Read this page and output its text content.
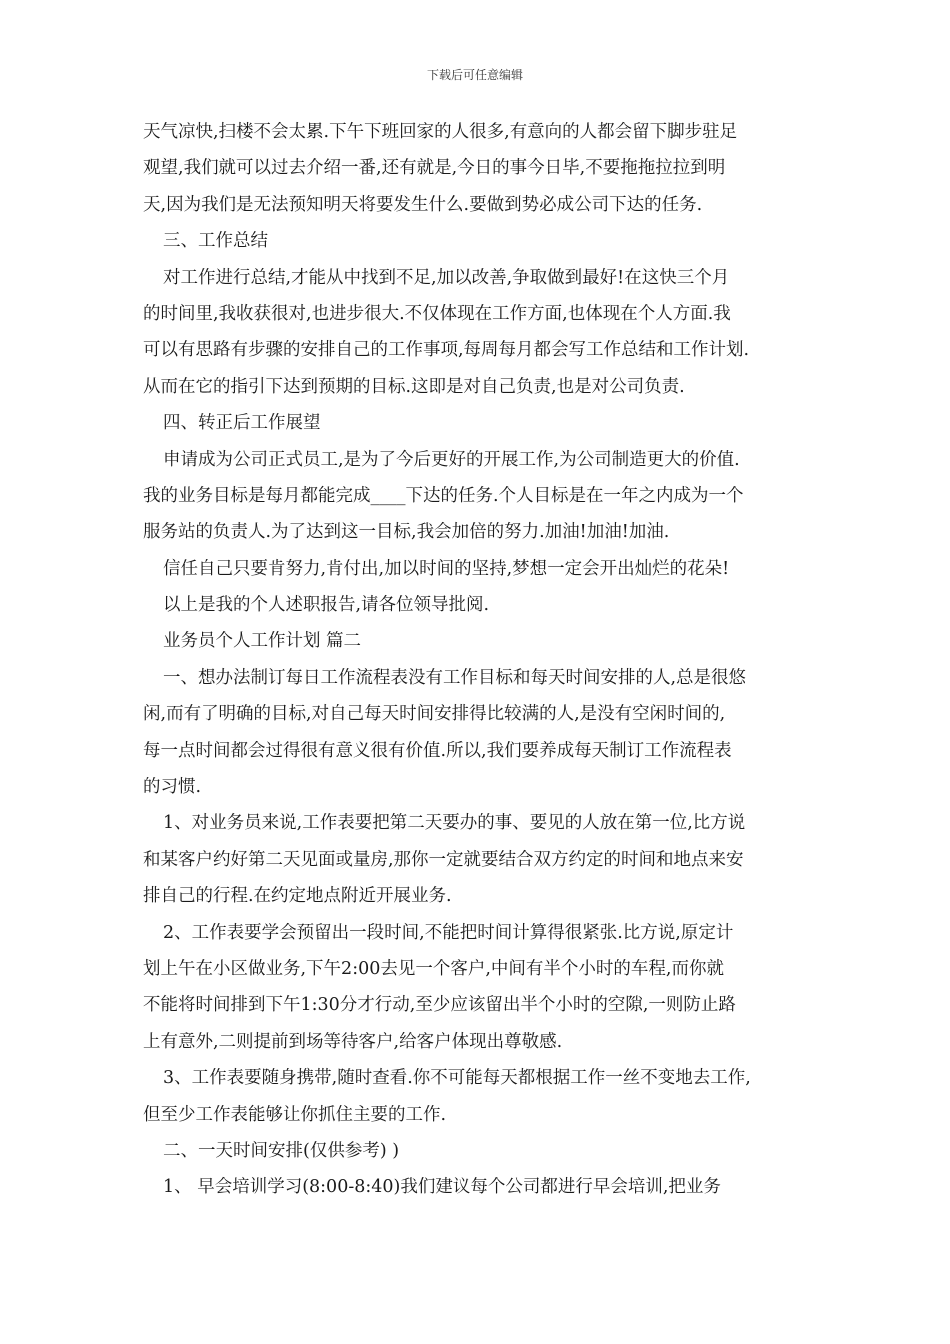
下载后可任意编辑
天气凉快,扫楼不会太累.下午下班回家的人很多,有意向的人都会留下脚步驻足
观望,我们就可以过去介绍一番,还有就是,今日的事今日毕,不要拖拖拉拉到明
天,因为我们是无法预知明天将要发生什么.要做到势必成公司下达的任务.
三、工作总结
对工作进行总结,才能从中找到不足,加以改善,争取做到最好!在这快三个月
的时间里,我收获很对,也进步很大.不仅体现在工作方面,也体现在个人方面.我
可以有思路有步骤的安排自己的工作事项,每周每月都会写工作总结和工作计划.
从而在它的指引下达到预期的目标.这即是对自己负责,也是对公司负责.
四、转正后工作展望
申请成为公司正式员工,是为了今后更好的开展工作,为公司制造更大的价值.
我的业务目标是每月都能完成____下达的任务.个人目标是在一年之内成为一个
服务站的负责人.为了达到这一目标,我会加倍的努力.加油!加油!加油.
信任自己只要肯努力,肯付出,加以时间的坚持,梦想一定会开出灿烂的花朵!
以上是我的个人述职报告,请各位领导批阅.
业务员个人工作计划 篇二
一、想办法制订每日工作流程表没有工作目标和每天时间安排的人,总是很悠
闲,而有了明确的目标,对自己每天时间安排得比较满的人,是没有空闲时间的,
每一点时间都会过得很有意义很有价值.所以,我们要养成每天制订工作流程表
的习惯.
1、对业务员来说,工作表要把第二天要办的事、要见的人放在第一位,比方说
和某客户约好第二天见面或量房,那你一定就要结合双方约定的时间和地点来安
排自己的行程.在约定地点附近开展业务.
2、工作表要学会预留出一段时间,不能把时间计算得很紧张.比方说,原定计
划上午在小区做业务,下午2:00去见一个客户,中间有半个小时的车程,而你就
不能将时间排到下午1:30分才行动,至少应该留出半个小时的空隙,一则防止路
上有意外,二则提前到场等待客户,给客户体现出尊敬感.
3、工作表要随身携带,随时查看.你不可能每天都根据工作一丝不变地去工作,
但至少工作表能够让你抓住主要的工作.
二、一天时间安排(仅供参考) )
1、 早会培训学习(8:00-8:40)我们建议每个公司都进行早会培训,把业务
